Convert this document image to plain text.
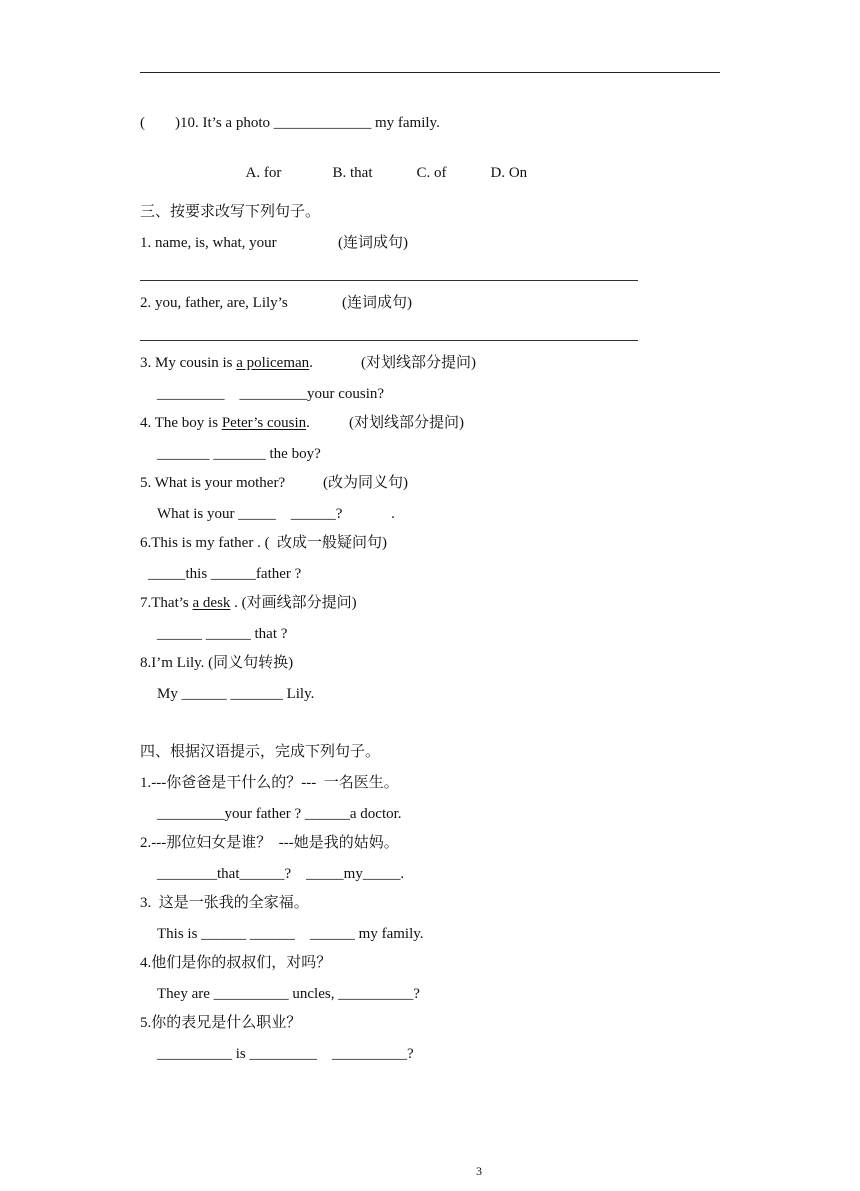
(　　)10. It’s a photo _____________ my family.

A. for	B. that	C. of	D. On

三、按要求改写下列句子。
1. name, is, what, your	(连词成句)
2. you, father, are, Lily’s	(连词成句)
3. My cousin is a policeman.	(对划线部分提问)
_________    _________your cousin?
4. The boy is Peter’s cousin.	(对划线部分提问)
_______ _______ the boy?
5. What is your mother?	(改为同义句)
What is your _____    ______?             .
6.This is my father . (  改成一般疑问句)
_____this ______father ?
7.That’s a desk . (对画线部分提问)
______ ______ that ?
8.I’m Lily. (同义句转换)
My ______ _______ Lily.
四、根据汉语提示，完成下列句子。
1.---你爸爸是干什么的？---  一名医生。
_________your father ? ______a doctor.
2.---那位妇女是谁？  ---她是我的姑妈。
________that______?    _____my_____.
3.  这是一张我的全家福。
This is ______ ______    ______ my family.
4.他们是你的叔叔们，对吗？
They are __________ uncles, __________?
5.你的表兄是什么职业？
__________ is _________    __________?
3
